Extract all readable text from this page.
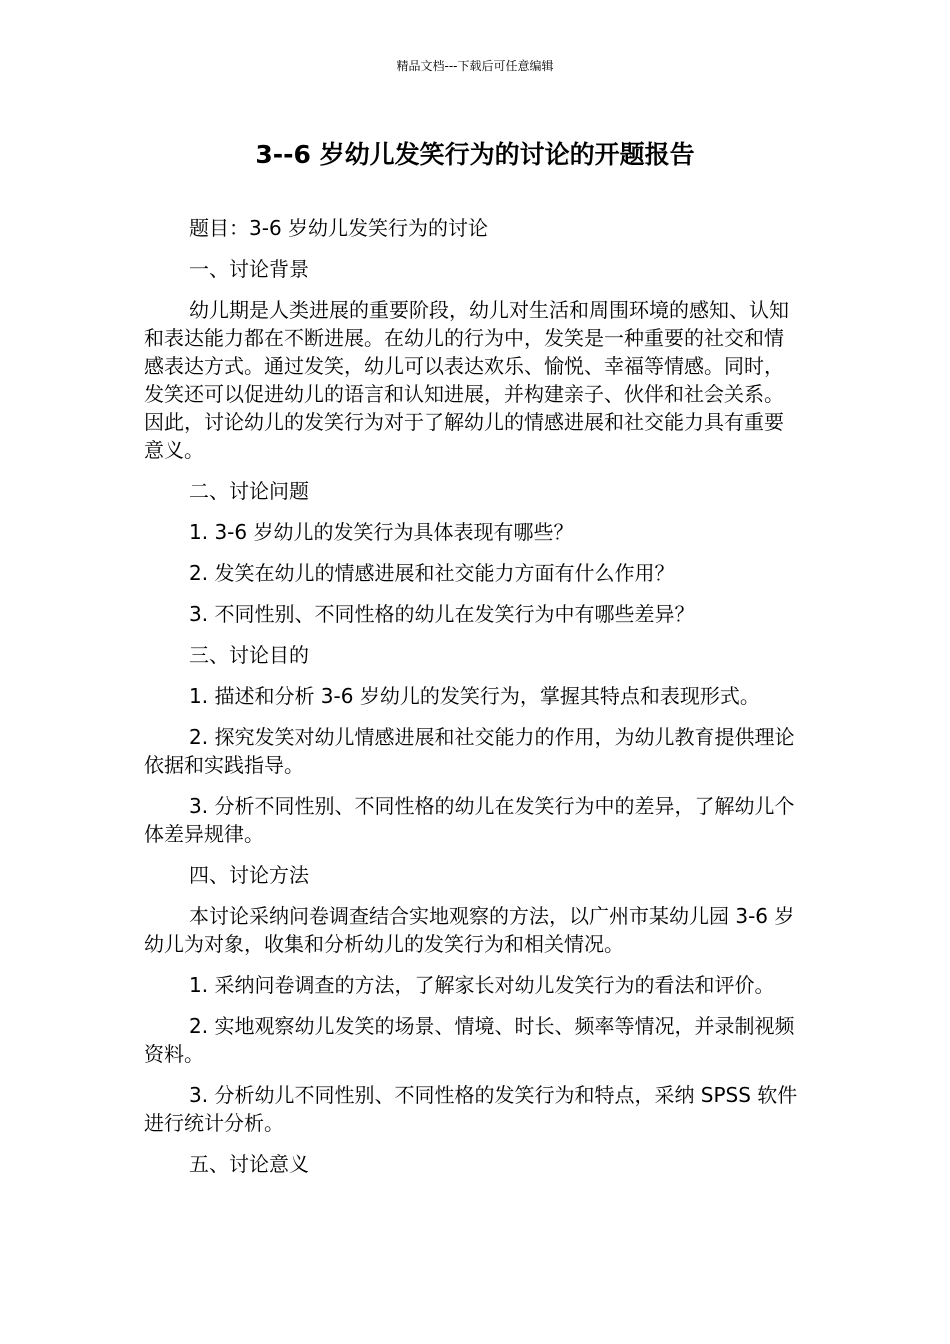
精品文档---下载后可任意编辑
3--6 岁幼儿发笑行为的讨论的开题报告

题目：3-6 岁幼儿发笑行为的讨论

一、讨论背景

幼儿期是人类进展的重要阶段，幼儿对生活和周围环境的感知、认知和表达能力都在不断进展。在幼儿的行为中，发笑是一种重要的社交和情感表达方式。通过发笑，幼儿可以表达欢乐、愉悦、幸福等情感。同时，发笑还可以促进幼儿的语言和认知进展，并构建亲子、伙伴和社会关系。因此，讨论幼儿的发笑行为对于了解幼儿的情感进展和社交能力具有重要意义。

二、讨论问题

1. 3-6 岁幼儿的发笑行为具体表现有哪些？

2. 发笑在幼儿的情感进展和社交能力方面有什么作用？

3. 不同性别、不同性格的幼儿在发笑行为中有哪些差异？

三、讨论目的

1. 描述和分析 3-6 岁幼儿的发笑行为，掌握其特点和表现形式。

2. 探究发笑对幼儿情感进展和社交能力的作用，为幼儿教育提供理论依据和实践指导。

3. 分析不同性别、不同性格的幼儿在发笑行为中的差异，了解幼儿个体差异规律。

四、讨论方法

本讨论采纳问卷调查结合实地观察的方法，以广州市某幼儿园 3-6 岁幼儿为对象，收集和分析幼儿的发笑行为和相关情况。

1. 采纳问卷调查的方法，了解家长对幼儿发笑行为的看法和评价。

2. 实地观察幼儿发笑的场景、情境、时长、频率等情况，并录制视频资料。

3. 分析幼儿不同性别、不同性格的发笑行为和特点，采纳 SPSS 软件进行统计分析。

五、讨论意义
